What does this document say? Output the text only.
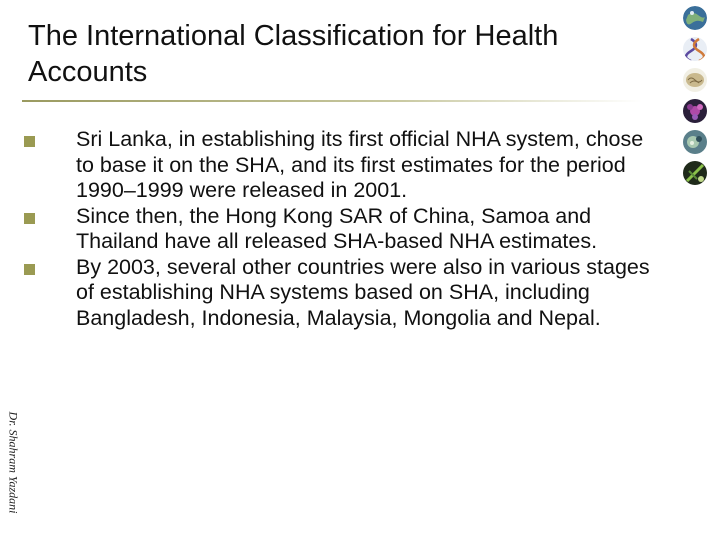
The International Classification for Health Accounts
Sri Lanka, in establishing its first official NHA system, chose to base it on the SHA, and its first estimates for the period 1990–1999 were released in 2001.
Since then, the Hong Kong SAR of China, Samoa and Thailand have all released SHA-based NHA estimates.
By 2003, several other countries were also in various stages of establishing NHA systems based on SHA, including Bangladesh, Indonesia, Malaysia, Mongolia and Nepal.
Dr. Shahram Yazdani
